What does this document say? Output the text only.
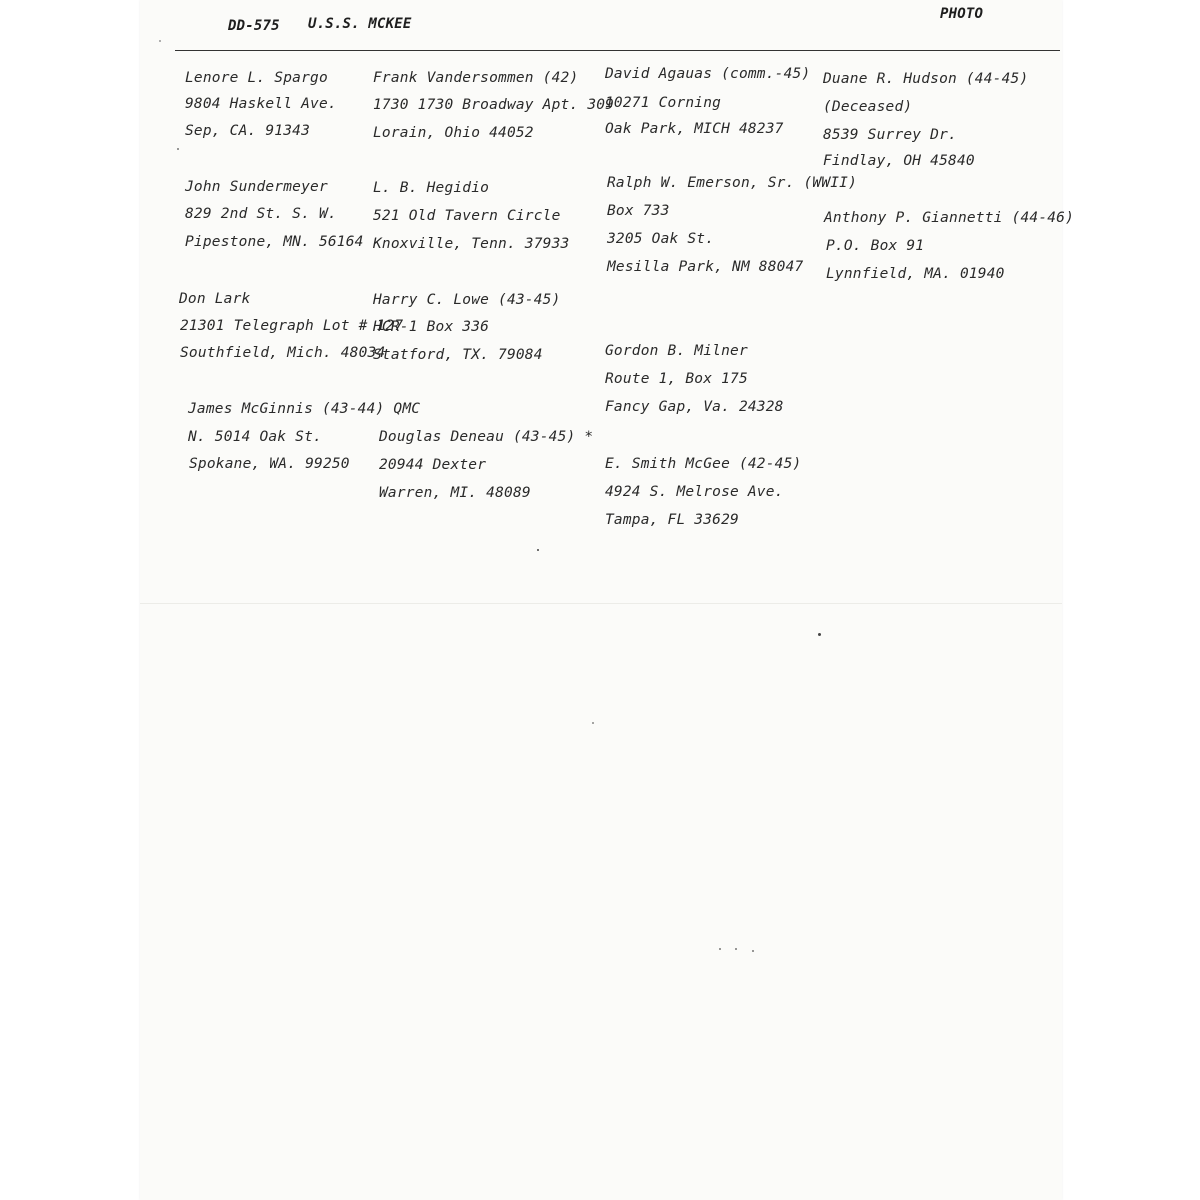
DD-575 U.S.S. MCKEE
PHOTO
Lenore L. Spargo
9804 Haskell Ave.
Sep, CA. 91343
John Sundermeyer
829 2nd St. S. W.
Pipestone, MN. 56164
Don Lark
21301 Telegraph Lot # 127
Southfield, Mich. 48034
James McGinnis (43-44) QMC
N. 5014 Oak St.
Spokane, WA. 99250
Frank Vandersommen (42)
1730 1730 Broadway Apt. 309
Lorain, Ohio 44052
L. B. Hegidio
521 Old Tavern Circle
Knoxville, Tenn. 37933
Harry C. Lowe (43-45)
HCR-1 Box 336
Statford, TX. 79084
Douglas Deneau (43-45) *
20944 Dexter
Warren, MI. 48089
David Agauas (comm.-45)
10271 Corning
Oak Park, MICH 48237
Ralph W. Emerson, Sr. (WWII)
Box 733
3205 Oak St.
Mesilla Park, NM 88047
Gordon B. Milner
Route 1, Box 175
Fancy Gap, Va. 24328
E. Smith McGee (42-45)
4924 S. Melrose Ave.
Tampa, FL 33629
Duane R. Hudson (44-45)
(Deceased)
8539 Surrey Dr.
Findlay, OH 45840
Anthony P. Giannetti (44-46)
P.O. Box 91
Lynnfield, MA. 01940
